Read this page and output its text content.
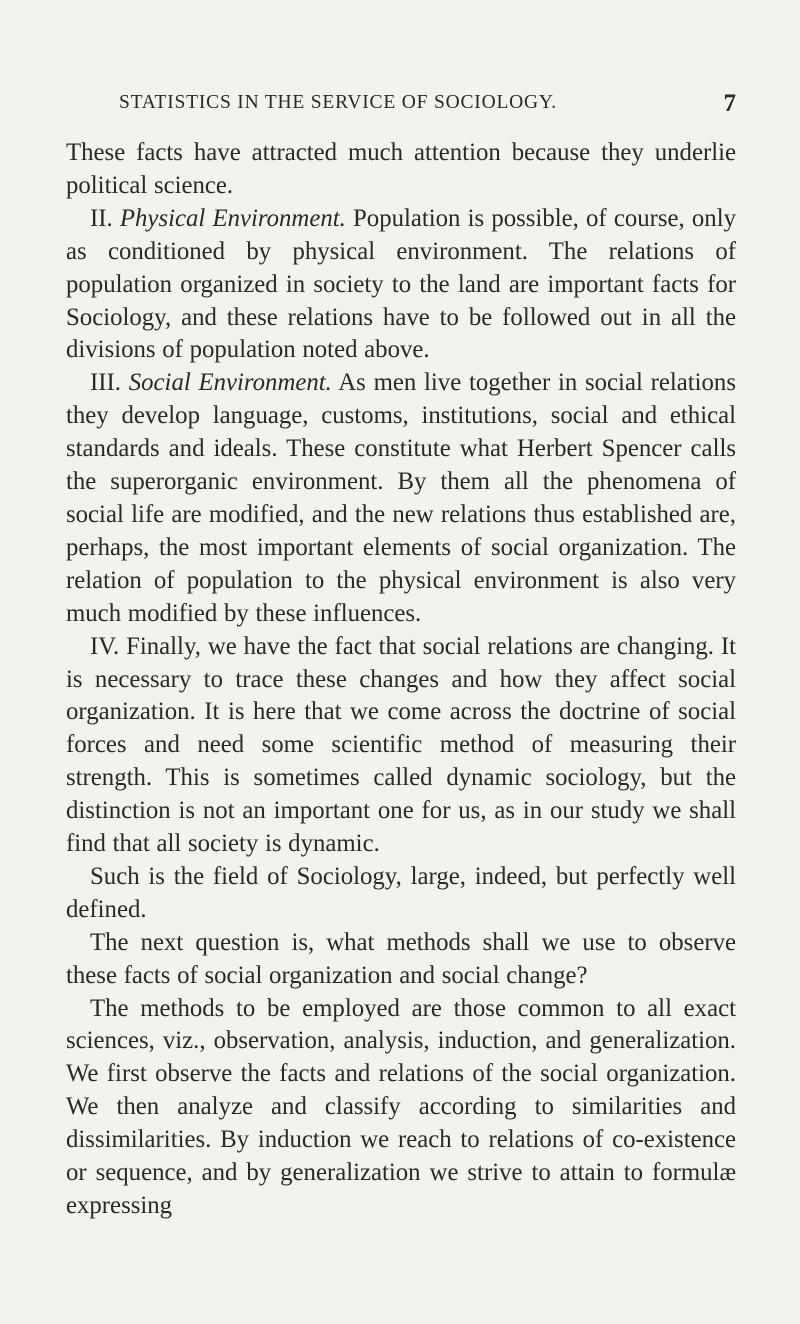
STATISTICS IN THE SERVICE OF SOCIOLOGY.	7

These facts have attracted much attention because they underlie political science.

II. Physical Environment. Population is possible, of course, only as conditioned by physical environment. The relations of population organized in society to the land are important facts for Sociology, and these relations have to be followed out in all the divisions of population noted above.

III. Social Environment. As men live together in social relations they develop language, customs, institutions, social and ethical standards and ideals. These constitute what Herbert Spencer calls the superorganic environment. By them all the phenomena of social life are modified, and the new relations thus established are, perhaps, the most important elements of social organization. The relation of population to the physical environment is also very much modified by these influences.

IV. Finally, we have the fact that social relations are changing. It is necessary to trace these changes and how they affect social organization. It is here that we come across the doctrine of social forces and need some scientific method of measuring their strength. This is sometimes called dynamic sociology, but the distinction is not an important one for us, as in our study we shall find that all society is dynamic.

Such is the field of Sociology, large, indeed, but perfectly well defined.

The next question is, what methods shall we use to observe these facts of social organization and social change?

The methods to be employed are those common to all exact sciences, viz., observation, analysis, induction, and generalization. We first observe the facts and relations of the social organization. We then analyze and classify according to similarities and dissimilarities. By induction we reach to relations of co-existence or sequence, and by generalization we strive to attain to formulæ expressing
